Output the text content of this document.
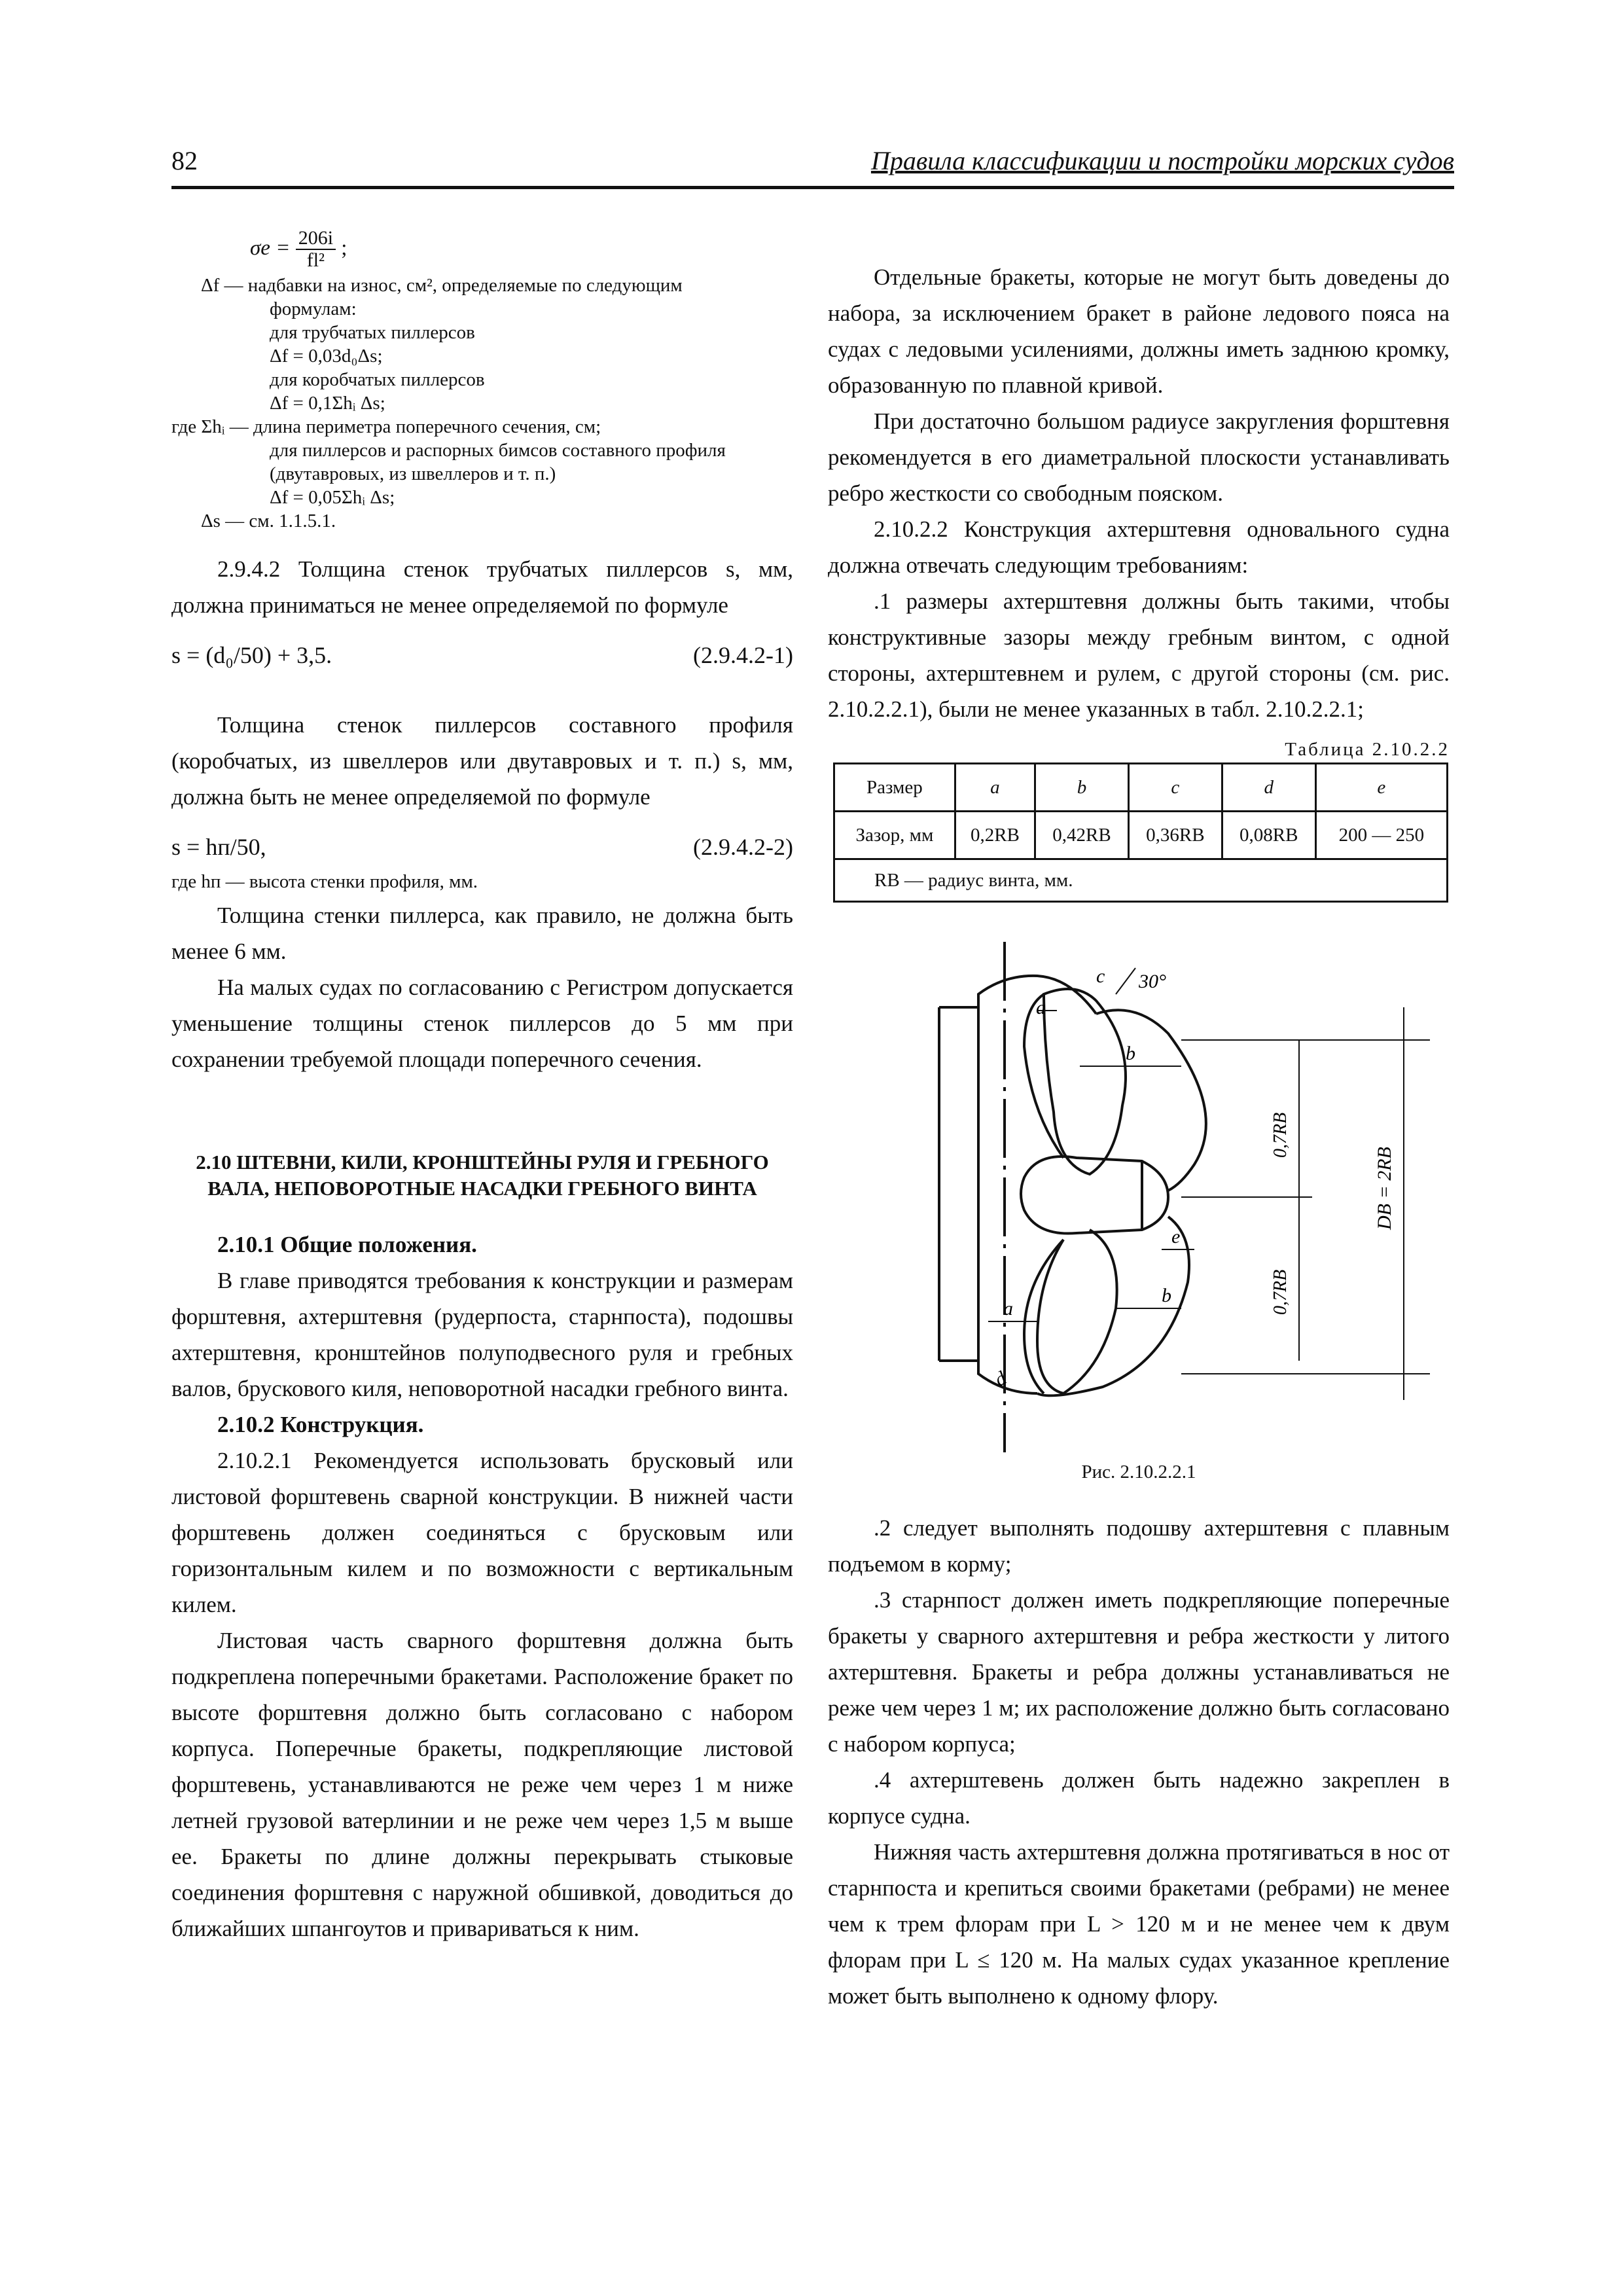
82	Правила классификации и постройки морских судов
$\sigma e = \frac{206i}{\text{fl²}}$ ;

Δf — надбавки на износ, см², определяемые по следующим

формулам:

для трубчатых пиллерсов

Δf = 0,03d₀Δs;

для коробчатых пиллерсов

Δf = 0,1Σhᵢ Δs;

где Σhᵢ — длина периметра поперечного сечения, см;

для пиллерсов и распорных бимсов составного профиля

(двутавровых, из швеллеров и т. п.)

Δf = 0,05Σhᵢ Δs;

Δs — см. 1.1.5.1.

2.9.4.2 Толщина стенок трубчатых пиллерсов s, мм, должна приниматься не менее определяемой по формуле

s = (d₀/50) + 3,5.	(2.9.4.2-1)

Толщина стенок пиллерсов составного профиля (коробчатых, из швеллеров или двутавровых и т. п.) s, мм, должна быть не менее определяемой по формуле

s = hп/50,	(2.9.4.2-2)

где hп — высота стенки профиля, мм.

Толщина стенки пиллерса, как правило, не должна быть менее 6 мм.

На малых судах по согласованию с Регистром допускается уменьшение толщины стенок пиллерсов до 5 мм при сохранении требуемой площади поперечного сечения.

2.10 ШТЕВНИ, КИЛИ, КРОНШТЕЙНЫ РУЛЯ И ГРЕБНОГО ВАЛА, НЕПОВОРОТНЫЕ НАСАДКИ ГРЕБНОГО ВИНТА

2.10.1 Общие положения.

В главе приводятся требования к конструкции и размерам форштевня, ахтерштевня (рудерпоста, старнпоста), подошвы ахтерштевня, кронштейнов полуподвесного руля и гребных валов, брускового киля, неповоротной насадки гребного винта.

2.10.2 Конструкция.

2.10.2.1 Рекомендуется использовать брусковый или листовой форштевень сварной конструкции. В нижней части форштевень должен соединяться с брусковым или горизонтальным килем и по возможности с вертикальным килем.

Листовая часть сварного форштевня должна быть подкреплена поперечными бракетами. Расположение бракет по высоте форштевня должно быть согласовано с набором корпуса. Поперечные бракеты, подкрепляющие листовой форштевень, устанавливаются не реже чем через 1 м ниже летней грузовой ватерлинии и не реже чем через 1,5 м выше ее. Бракеты по длине должны перекрывать стыковые соединения форштевня с наружной обшивкой, доводиться до ближайших шпангоутов и привариваться к ним.

Отдельные бракеты, которые не могут быть доведены до набора, за исключением бракет в районе ледового пояса на судах с ледовыми усилениями, должны иметь заднюю кромку, образованную по плавной кривой.

При достаточно большом радиусе закругления форштевня рекомендуется в его диаметральной плоскости устанавливать ребро жесткости со свободным пояском.

2.10.2.2 Конструкция ахтерштевня одновального судна должна отвечать следующим требованиям:

.1 размеры ахтерштевня должны быть такими, чтобы конструктивные зазоры между гребным винтом, с одной стороны, ахтерштевнем и рулем, с другой стороны (см. рис. 2.10.2.2.1), были не менее указанных в табл. 2.10.2.2.1;

Таблица 2.10.2.2

Размер	a	b	c	d	e
Зазор, мм	0,2RB	0,42RB	0,36RB	0,08RB	200 — 250
RB — радиус винта, мм.					
30°
c
a
b
0,7RB
0,7RB
DB = 2RB
e
b
a
d

Рис. 2.10.2.2.1

.2 следует выполнять подошву ахтерштевня с плавным подъемом в корму;

.3 старнпост должен иметь подкрепляющие поперечные бракеты у сварного ахтерштевня и ребра жесткости у литого ахтерштевня. Бракеты и ребра должны устанавливаться не реже чем через 1 м; их расположение должно быть согласовано с набором корпуса;

.4 ахтерштевень должен быть надежно закреплен в корпусе судна.

Нижняя часть ахтерштевня должна протягиваться в нос от старнпоста и крепиться своими бракетами (ребрами) не менее чем к трем флорам при L > 120 м и не менее чем к двум флорам при L ≤ 120 м. На малых судах указанное крепление может быть выполнено к одному флору.
